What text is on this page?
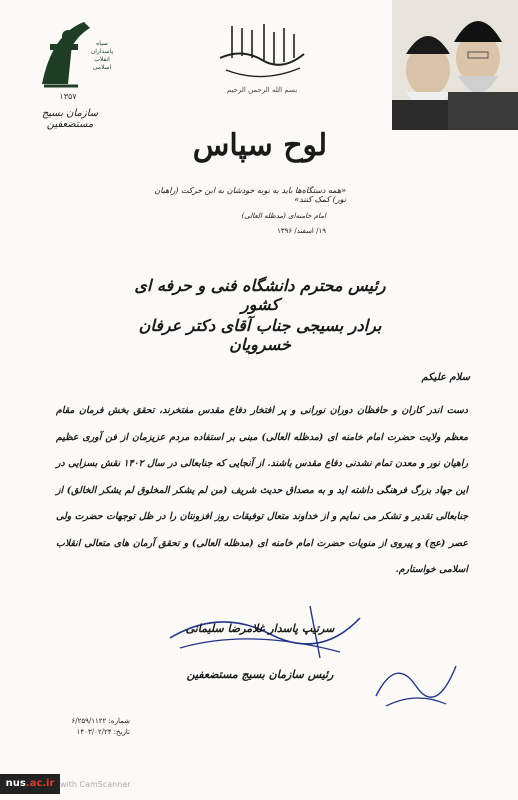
سپاه
پاسداران
انقلاب
اسلامی
۱۳۵۷
سازمان بسیج مستضعفین
بسم الله الرحمن الرحیم
لوح سپاس
«همه دستگاه‌ها باید به نوبه خودشان به این حرکت (راهیان نور) کمک کنند»
امام خامنه‌ای (مدظله العالی)
۱۹/ اسفند/ ۱۳۹۶
رئیس محترم دانشگاه فنی و حرفه ای کشور
برادر بسیجی جناب آقای دکتر عرفان خسرویان
سلام علیکم
دست اندر کاران و حافظان دوران نورانی و پر افتخار دفاع مقدس مفتخرند، تحقق بخش فرمان مقام معظم ولایت حضرت امام خامنه ای (مدظله العالی) مبنی بر استفاده مردم عزیزمان از فن آوری عظیم راهیان نور و معدن تمام نشدنی دفاع مقدس باشند. از آنجایی که جنابعالی در سال ۱۴۰۲ نقش بسزایی در این جهاد بزرگ فرهنگی داشته اید و به مصداق حدیث شریف (من لم یشکر المخلوق لم یشکر الخالق) از جنابعالی تقدیر و تشکر می نمایم و از خداوند متعال توفیقات روز افزونتان را در ظل توجهات حضرت ولی عصر (عج) و پیروی از منویات حضرت امام خامنه ای (مدظله العالی) و تحقق آرمان های متعالی انقلاب اسلامی خواستارم.
سرتیپ پاسدار غلامرضا سلیمانی
رئیس سازمان بسیج مستضعفین
شماره: ۶/۲۵۹/۱۱۲۲
تاریخ: ۱۴۰۳/۰۲/۲۴
nus.ac.ir with CamScanner
